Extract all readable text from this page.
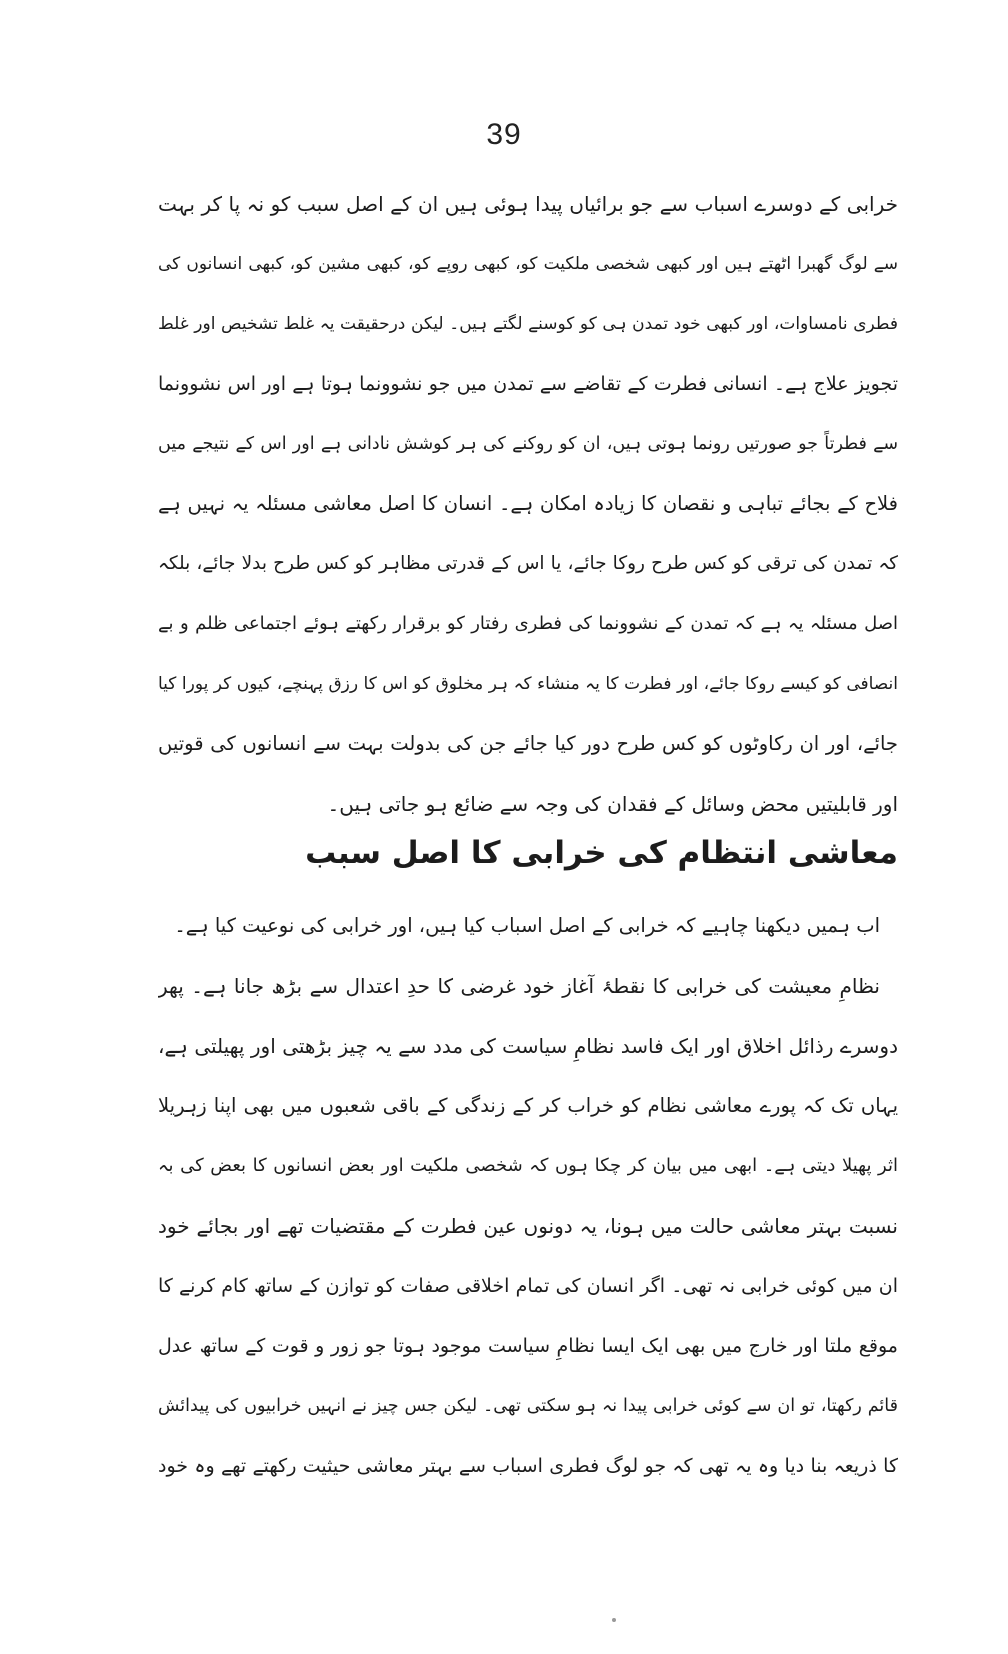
39
خرابی کے دوسرے اسباب سے جو برائیاں پیدا ہوئی ہیں ان کے اصل سبب کو نہ پا کر بہت
سے لوگ گھبرا اٹھتے ہیں اور کبھی شخصی ملکیت کو، کبھی روپے کو، کبھی مشین کو، کبھی انسانوں کی
فطری نامساوات، اور کبھی خود تمدن ہی کو کوسنے لگتے ہیں۔ لیکن درحقیقت یہ غلط تشخیص اور غلط
تجویز علاج ہے۔ انسانی فطرت کے تقاضے سے تمدن میں جو نشوونما ہوتا ہے اور اس نشوونما
سے فطرتاً جو صورتیں رونما ہوتی ہیں، ان کو روکنے کی ہر کوشش نادانی ہے اور اس کے نتیجے میں
فلاح کے بجائے تباہی و نقصان کا زیادہ امکان ہے۔ انسان کا اصل معاشی مسئلہ یہ نہیں ہے
کہ تمدن کی ترقی کو کس طرح روکا جائے، یا اس کے قدرتی مظاہر کو کس طرح بدلا جائے، بلکہ
اصل مسئلہ یہ ہے کہ تمدن کے نشوونما کی فطری رفتار کو برقرار رکھتے ہوئے اجتماعی ظلم و بے
انصافی کو کیسے روکا جائے، اور فطرت کا یہ منشاء کہ ہر مخلوق کو اس کا رزق پہنچے، کیوں کر پورا کیا
جائے، اور ان رکاوٹوں کو کس طرح دور کیا جائے جن کی بدولت بہت سے انسانوں کی قوتیں
اور قابلیتیں محض وسائل کے فقدان کی وجہ سے ضائع ہو جاتی ہیں۔
معاشی انتظام کی خرابی کا اصل سبب
اب ہمیں دیکھنا چاہیے کہ خرابی کے اصل اسباب کیا ہیں، اور خرابی کی نوعیت کیا ہے۔
نظامِ معیشت کی خرابی کا نقطۂ آغاز خود غرضی کا حدِ اعتدال سے بڑھ جانا ہے۔ پھر
دوسرے رذائل اخلاق اور ایک فاسد نظامِ سیاست کی مدد سے یہ چیز بڑھتی اور پھیلتی ہے،
یہاں تک کہ پورے معاشی نظام کو خراب کر کے زندگی کے باقی شعبوں میں بھی اپنا زہریلا
اثر پھیلا دیتی ہے۔ ابھی میں بیان کر چکا ہوں کہ شخصی ملکیت اور بعض انسانوں کا بعض کی بہ
نسبت بہتر معاشی حالت میں ہونا، یہ دونوں عین فطرت کے مقتضیات تھے اور بجائے خود
ان میں کوئی خرابی نہ تھی۔ اگر انسان کی تمام اخلاقی صفات کو توازن کے ساتھ کام کرنے کا
موقع ملتا اور خارج میں بھی ایک ایسا نظامِ سیاست موجود ہوتا جو زور و قوت کے ساتھ عدل
قائم رکھتا، تو ان سے کوئی خرابی پیدا نہ ہو سکتی تھی۔ لیکن جس چیز نے انہیں خرابیوں کی پیدائش
کا ذریعہ بنا دیا وہ یہ تھی کہ جو لوگ فطری اسباب سے بہتر معاشی حیثیت رکھتے تھے وہ خود
